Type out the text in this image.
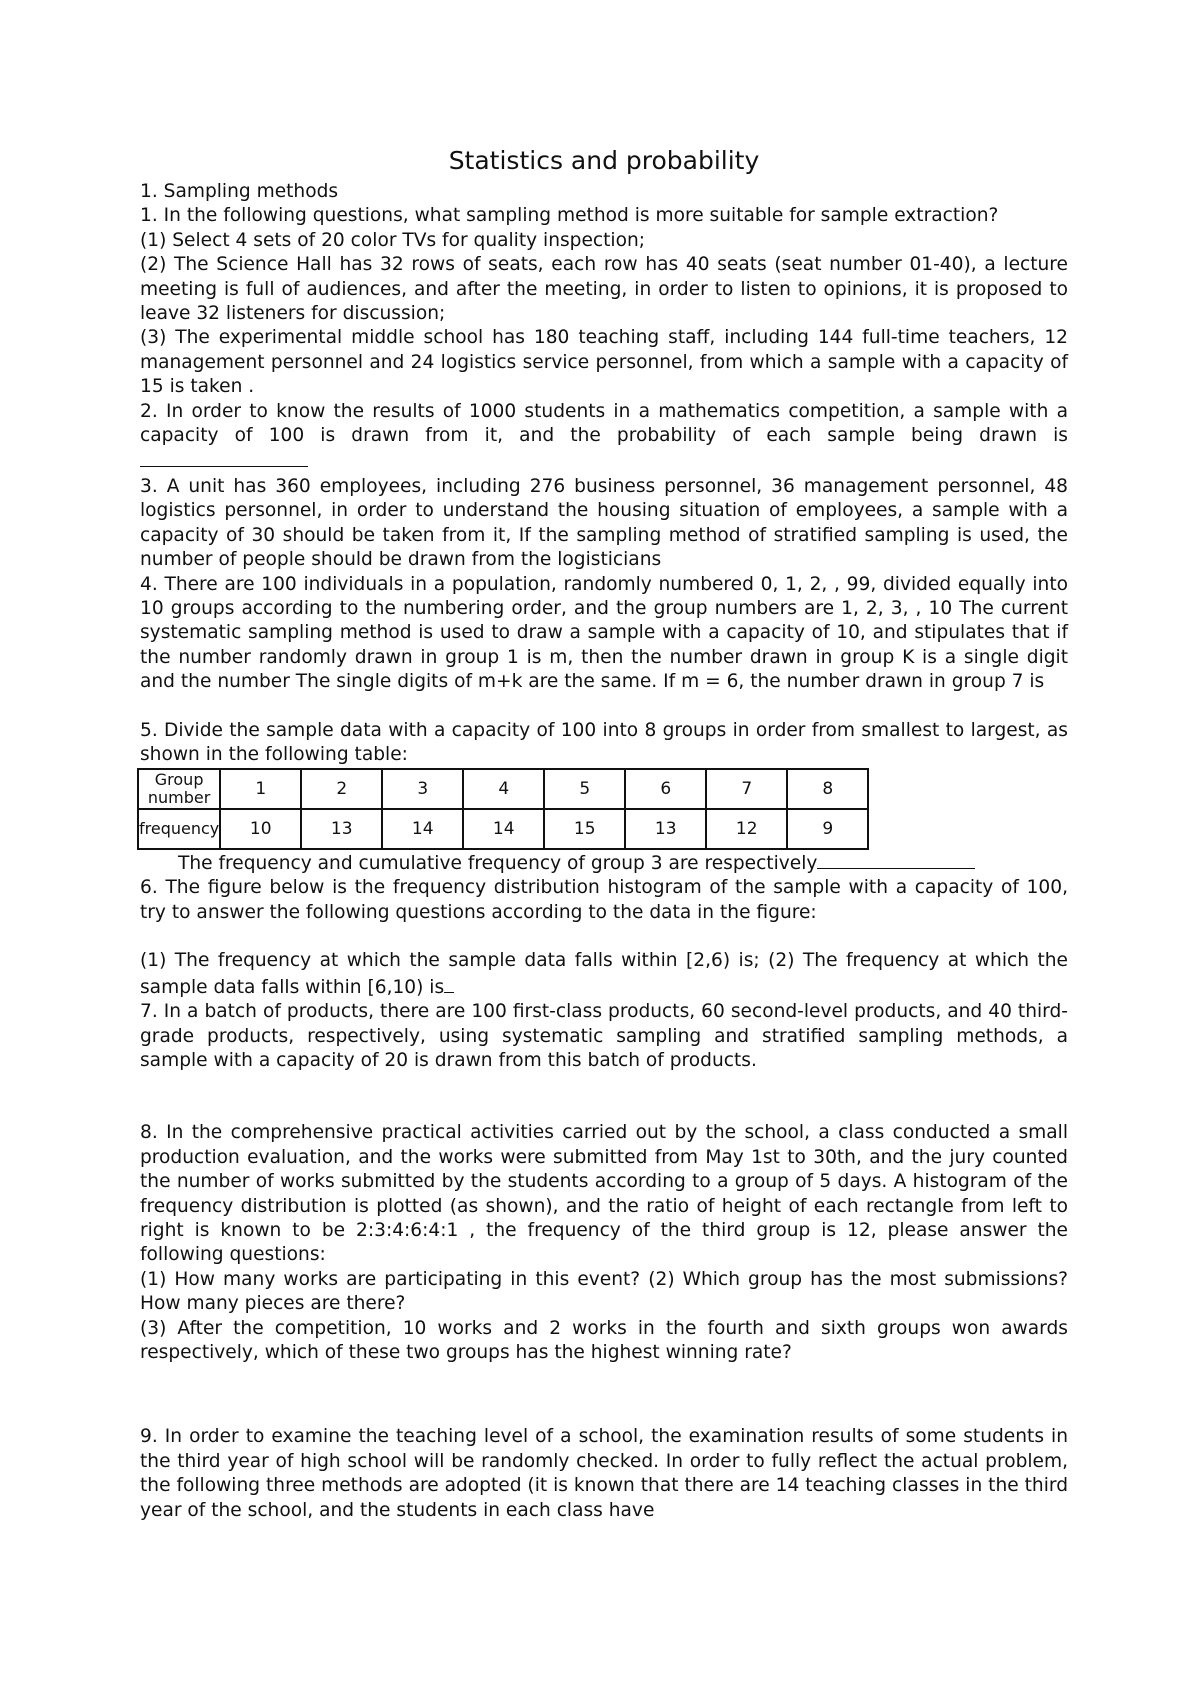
Statistics and probability

1. Sampling methods

1. In the following questions, what sampling method is more suitable for sample extraction?

(1) Select 4 sets of 20 color TVs for quality inspection;

(2) The Science Hall has 32 rows of seats, each row has 40 seats (seat number 01-40), a lecture meeting is full of audiences, and after the meeting, in order to listen to opinions, it is proposed to leave 32 listeners for discussion;

(3) The experimental middle school has 180 teaching staff, including 144 full-time teachers, 12 management personnel and 24 logistics service personnel, from which a sample with a capacity of 15 is taken .

2. In order to know the results of 1000 students in a mathematics competition, a sample with a capacity of 100 is drawn from it, and the probability of each sample being drawn is

3. A unit has 360 employees, including 276 business personnel, 36 management personnel, 48 logistics personnel, in order to understand the housing situation of employees, a sample with a capacity of 30 should be taken from it, If the sampling method of stratified sampling is used, the number of people should be drawn from the logisticians

4. There are 100 individuals in a population, randomly numbered 0, 1, 2, , 99, divided equally into 10 groups according to the numbering order, and the group numbers are 1, 2, 3, , 10 The current systematic sampling method is used to draw a sample with a capacity of 10, and stipulates that if the number randomly drawn in group 1 is m, then the number drawn in group K is a single digit and the number The single digits of m+k are the same. If m = 6, the number drawn in group 7 is

5. Divide the sample data with a capacity of 100 into 8 groups in order from smallest to largest, as shown in the following table:

Group number	1	2	3	4	5	6	7	8
frequency	10	13	14	14	15	13	12	9

The frequency and cumulative frequency of group 3 are respectively

6. The figure below is the frequency distribution histogram of the sample with a capacity of 100, try to answer the following questions according to the data in the figure:

(1) The frequency at which the sample data falls within [2,6) is; (2) The frequency at which the sample data falls within [6,10) is

7. In a batch of products, there are 100 first-class products, 60 second-level products, and 40 third-grade products, respectively, using systematic sampling and stratified sampling methods, a sample with a capacity of 20 is drawn from this batch of products.

8. In the comprehensive practical activities carried out by the school, a class conducted a small production evaluation, and the works were submitted from May 1st to 30th, and the jury counted the number of works submitted by the students according to a group of 5 days. A histogram of the frequency distribution is plotted (as shown), and the ratio of height of each rectangle from left to right is known to be 2:3:4:6:4:1 , the frequency of the third group is 12, please answer the following questions:

(1) How many works are participating in this event? (2) Which group has the most submissions? How many pieces are there?

(3) After the competition, 10 works and 2 works in the fourth and sixth groups won awards respectively, which of these two groups has the highest winning rate?

9. In order to examine the teaching level of a school, the examination results of some students in the third year of high school will be randomly checked. In order to fully reflect the actual problem, the following three methods are adopted (it is known that there are 14 teaching classes in the third year of the school, and the students in each class have
